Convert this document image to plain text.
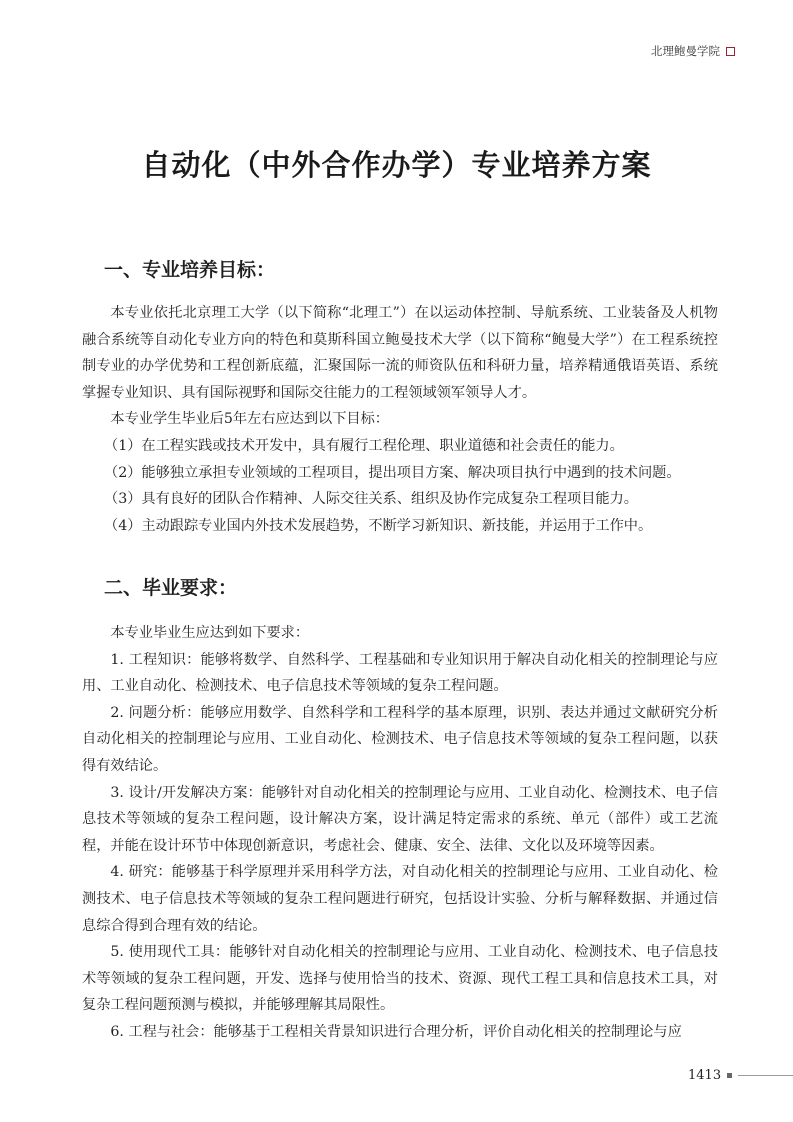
北理鲍曼学院
自动化（中外合作办学）专业培养方案
一、专业培养目标：

本专业依托北京理工大学（以下简称“北理工”）在以运动体控制、导航系统、工业装备及人机物融合系统等自动化专业方向的特色和莫斯科国立鲍曼技术大学（以下简称“鲍曼大学”）在工程系统控制专业的办学优势和工程创新底蕴，汇聚国际一流的师资队伍和科研力量，培养精通俄语英语、系统掌握专业知识、具有国际视野和国际交往能力的工程领域领军领导人才。

本专业学生毕业后5年左右应达到以下目标：

（1）在工程实践或技术开发中，具有履行工程伦理、职业道德和社会责任的能力。

（2）能够独立承担专业领域的工程项目，提出项目方案、解决项目执行中遇到的技术问题。

（3）具有良好的团队合作精神、人际交往关系、组织及协作完成复杂工程项目能力。

（4）主动跟踪专业国内外技术发展趋势，不断学习新知识、新技能，并运用于工作中。

二、毕业要求：

本专业毕业生应达到如下要求：

1. 工程知识：能够将数学、自然科学、工程基础和专业知识用于解决自动化相关的控制理论与应用、工业自动化、检测技术、电子信息技术等领域的复杂工程问题。

2. 问题分析：能够应用数学、自然科学和工程科学的基本原理，识别、表达并通过文献研究分析自动化相关的控制理论与应用、工业自动化、检测技术、电子信息技术等领域的复杂工程问题，以获得有效结论。

3. 设计/开发解决方案：能够针对自动化相关的控制理论与应用、工业自动化、检测技术、电子信息技术等领域的复杂工程问题，设计解决方案，设计满足特定需求的系统、单元（部件）或工艺流程，并能在设计环节中体现创新意识，考虑社会、健康、安全、法律、文化以及环境等因素。

4. 研究：能够基于科学原理并采用科学方法，对自动化相关的控制理论与应用、工业自动化、检测技术、电子信息技术等领域的复杂工程问题进行研究，包括设计实验、分析与解释数据、并通过信息综合得到合理有效的结论。

5. 使用现代工具：能够针对自动化相关的控制理论与应用、工业自动化、检测技术、电子信息技术等领域的复杂工程问题，开发、选择与使用恰当的技术、资源、现代工程工具和信息技术工具，对复杂工程问题预测与模拟，并能够理解其局限性。

6. 工程与社会：能够基于工程相关背景知识进行合理分析，评价自动化相关的控制理论与应

1413
